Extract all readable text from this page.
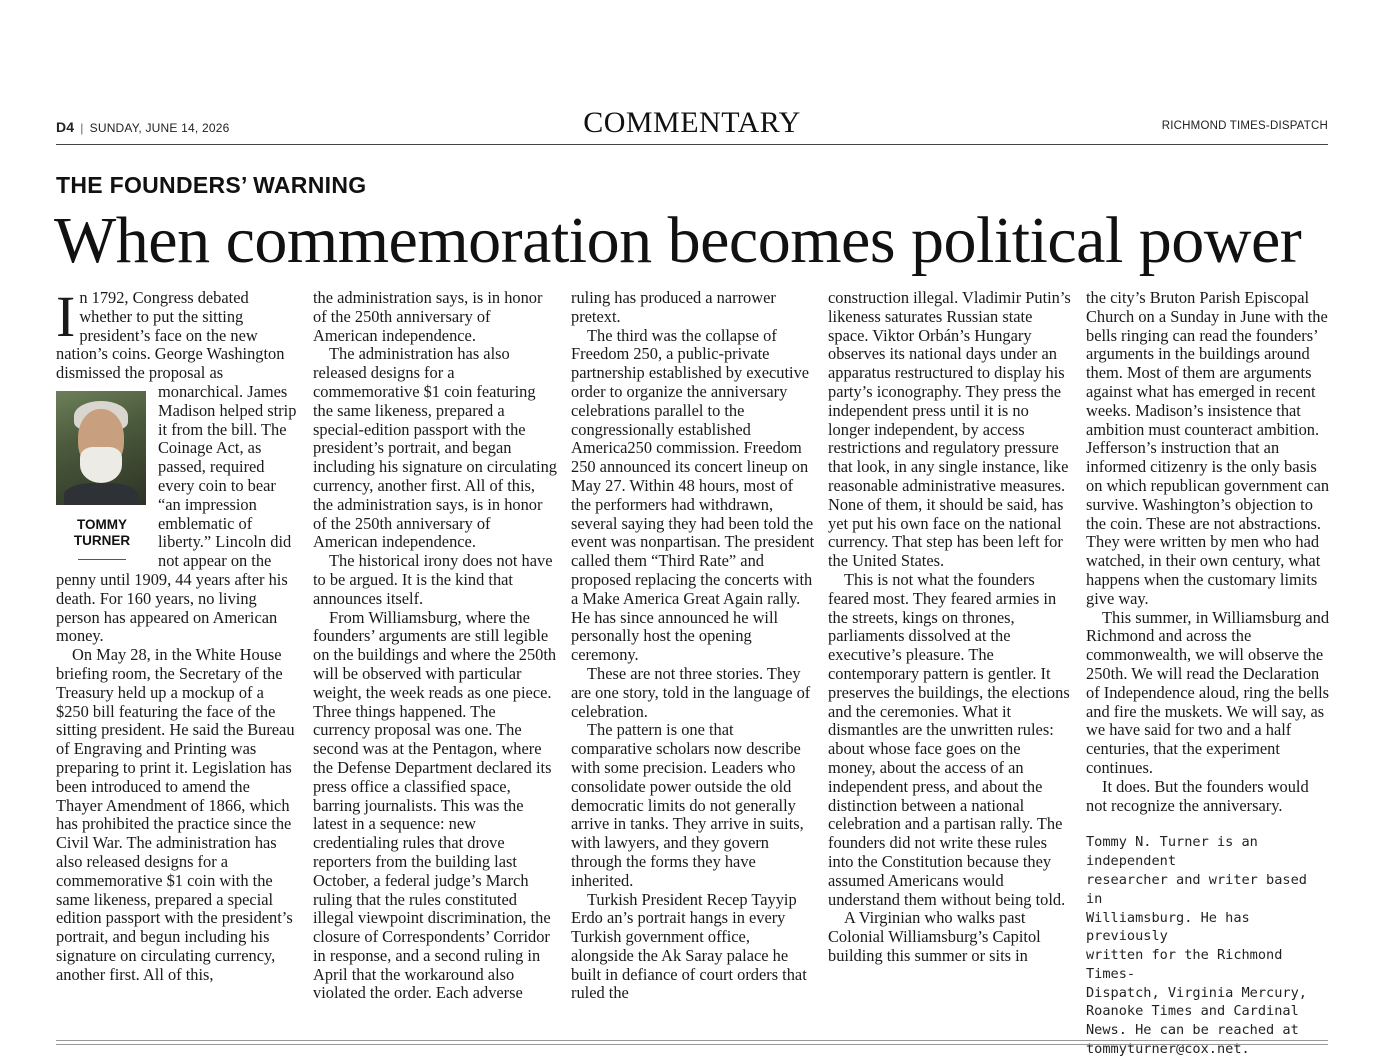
D4 | SUNDAY, JUNE 14, 2026	COMMENTARY	RICHMOND TIMES-DISPATCH
THE FOUNDERS’ WARNING
When commemoration becomes political power

In 1792, Congress debated whether to put the sitting president’s face on the new nation’s coins. George Washington dismissed the proposal
TOMMY
TURNER
as monarchical. James Madison helped strip it from the bill. The Coinage Act, as passed, required every coin to bear “an impression emblematic of liberty.” Lincoln did not appear on the penny until 1909, 44 years after his death. For 160 years, no living person has appeared on American money.

On May 28, in the White House briefing room, the Secretary of the Treasury held up a mockup of a $250 bill featuring the face of the sitting president. He said the Bureau of Engraving and Printing was preparing to print it. Legislation has been introduced to amend the Thayer Amendment of 1866, which has prohibited the practice since the Civil War. The administration has also released designs for a commemorative $1 coin with the same likeness, prepared a special edition passport with the president’s portrait, and begun including his signature on circulating currency, another first. All of this,

the administration says, is in honor of the 250th anniversary of American independence.

The administration has also released designs for a commemorative $1 coin featuring the same likeness, prepared a special-edition passport with the president’s portrait, and began including his signature on circulating currency, another first. All of this, the administration says, is in honor of the 250th anniversary of American independence.

The historical irony does not have to be argued. It is the kind that announces itself.

From Williamsburg, where the founders’ arguments are still legible on the buildings and where the 250th will be observed with particular weight, the week reads as one piece. Three things happened. The currency proposal was one. The second was at the Pentagon, where the Defense Department declared its press office a classified space, barring journalists. This was the latest in a sequence: new credentialing rules that drove reporters from the building last October, a federal judge’s March ruling that the rules constituted illegal viewpoint discrimination, the closure of Correspondents’ Corridor in response, and a second ruling in April that the workaround also violated the order. Each adverse

ruling has produced a narrower pretext.

The third was the collapse of Freedom 250, a public-private partnership established by executive order to organize the anniversary celebrations parallel to the congressionally established America250 commission. Freedom 250 announced its concert lineup on May 27. Within 48 hours, most of the performers had withdrawn, several saying they had been told the event was nonpartisan. The president called them “Third Rate” and proposed replacing the concerts with a Make America Great Again rally. He has since announced he will personally host the opening ceremony.

These are not three stories. They are one story, told in the language of celebration.

The pattern is one that comparative scholars now describe with some precision. Leaders who consolidate power outside the old democratic limits do not generally arrive in tanks. They arrive in suits, with lawyers, and they govern through the forms they have inherited.

Turkish President Recep Tayyip Erdo an’s portrait hangs in every Turkish government office, alongside the Ak Saray palace he built in defiance of court orders that ruled the

construction illegal. Vladimir Putin’s likeness saturates Russian state space. Viktor Orbán’s Hungary observes its national days under an apparatus restructured to display his party’s iconography. They press the independent press until it is no longer independent, by access restrictions and regulatory pressure that look, in any single instance, like reasonable administrative measures. None of them, it should be said, has yet put his own face on the national currency. That step has been left for the United States.

This is not what the founders feared most. They feared armies in the streets, kings on thrones, parliaments dissolved at the executive’s pleasure. The contemporary pattern is gentler. It preserves the buildings, the elections and the ceremonies. What it dismantles are the unwritten rules: about whose face goes on the money, about the access of an independent press, and about the distinction between a national celebration and a partisan rally. The founders did not write these rules into the Constitution because they assumed Americans would understand them without being told.

A Virginian who walks past Colonial Williamsburg’s Capitol building this summer or sits in

the city’s Bruton Parish Episcopal Church on a Sunday in June with the bells ringing can read the founders’ arguments in the buildings around them. Most of them are arguments against what has emerged in recent weeks. Madison’s insistence that ambition must counteract ambition. Jefferson’s instruction that an informed citizenry is the only basis on which republican government can survive. Washington’s objection to the coin. These are not abstractions. They were written by men who had watched, in their own century, what happens when the customary limits give way.

This summer, in Williamsburg and Richmond and across the commonwealth, we will observe the 250th. We will read the Declaration of Independence aloud, ring the bells and fire the muskets. We will say, as we have said for two and a half centuries, that the experiment continues.

It does. But the founders would not recognize the anniversary.

Tommy N. Turner is an independent
researcher and writer based in
Williamsburg. He has previously
written for the Richmond Times-
Dispatch, Virginia Mercury,
Roanoke Times and Cardinal
News. He can be reached at
tommyturner@cox.net.
